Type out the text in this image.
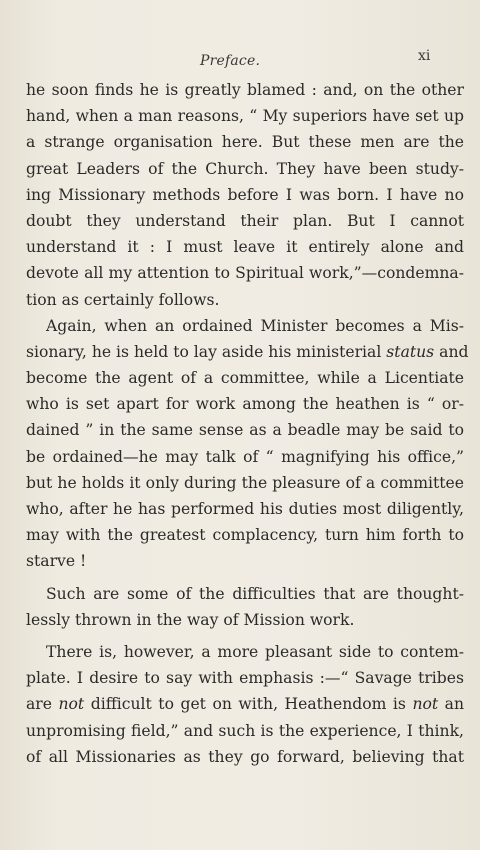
Preface.	xi
he soon finds he is greatly blamed : and, on the other
hand, when a man reasons, “ My superiors have set up
a strange organisation here. But these men are the
great Leaders of the Church. They have been study-
ing Missionary methods before I was born. I have no
doubt they understand their plan. But I cannot
understand it : I must leave it entirely alone and
devote all my attention to Spiritual work,”—condemna-
tion as certainly follows.
Again, when an ordained Minister becomes a Mis-
sionary, he is held to lay aside his ministerial status and
become the agent of a committee, while a Licentiate
who is set apart for work among the heathen is “ or-
dained ” in the same sense as a beadle may be said to
be ordained—he may talk of “ magnifying his office,”
but he holds it only during the pleasure of a committee
who, after he has performed his duties most diligently,
may with the greatest complacency, turn him forth to
starve !
Such are some of the difficulties that are thought-
lessly thrown in the way of Mission work.
There is, however, a more pleasant side to contem-
plate. I desire to say with emphasis :—“ Savage tribes
are not difficult to get on with, Heathendom is not an
unpromising field,” and such is the experience, I think,
of all Missionaries as they go forward, believing that
